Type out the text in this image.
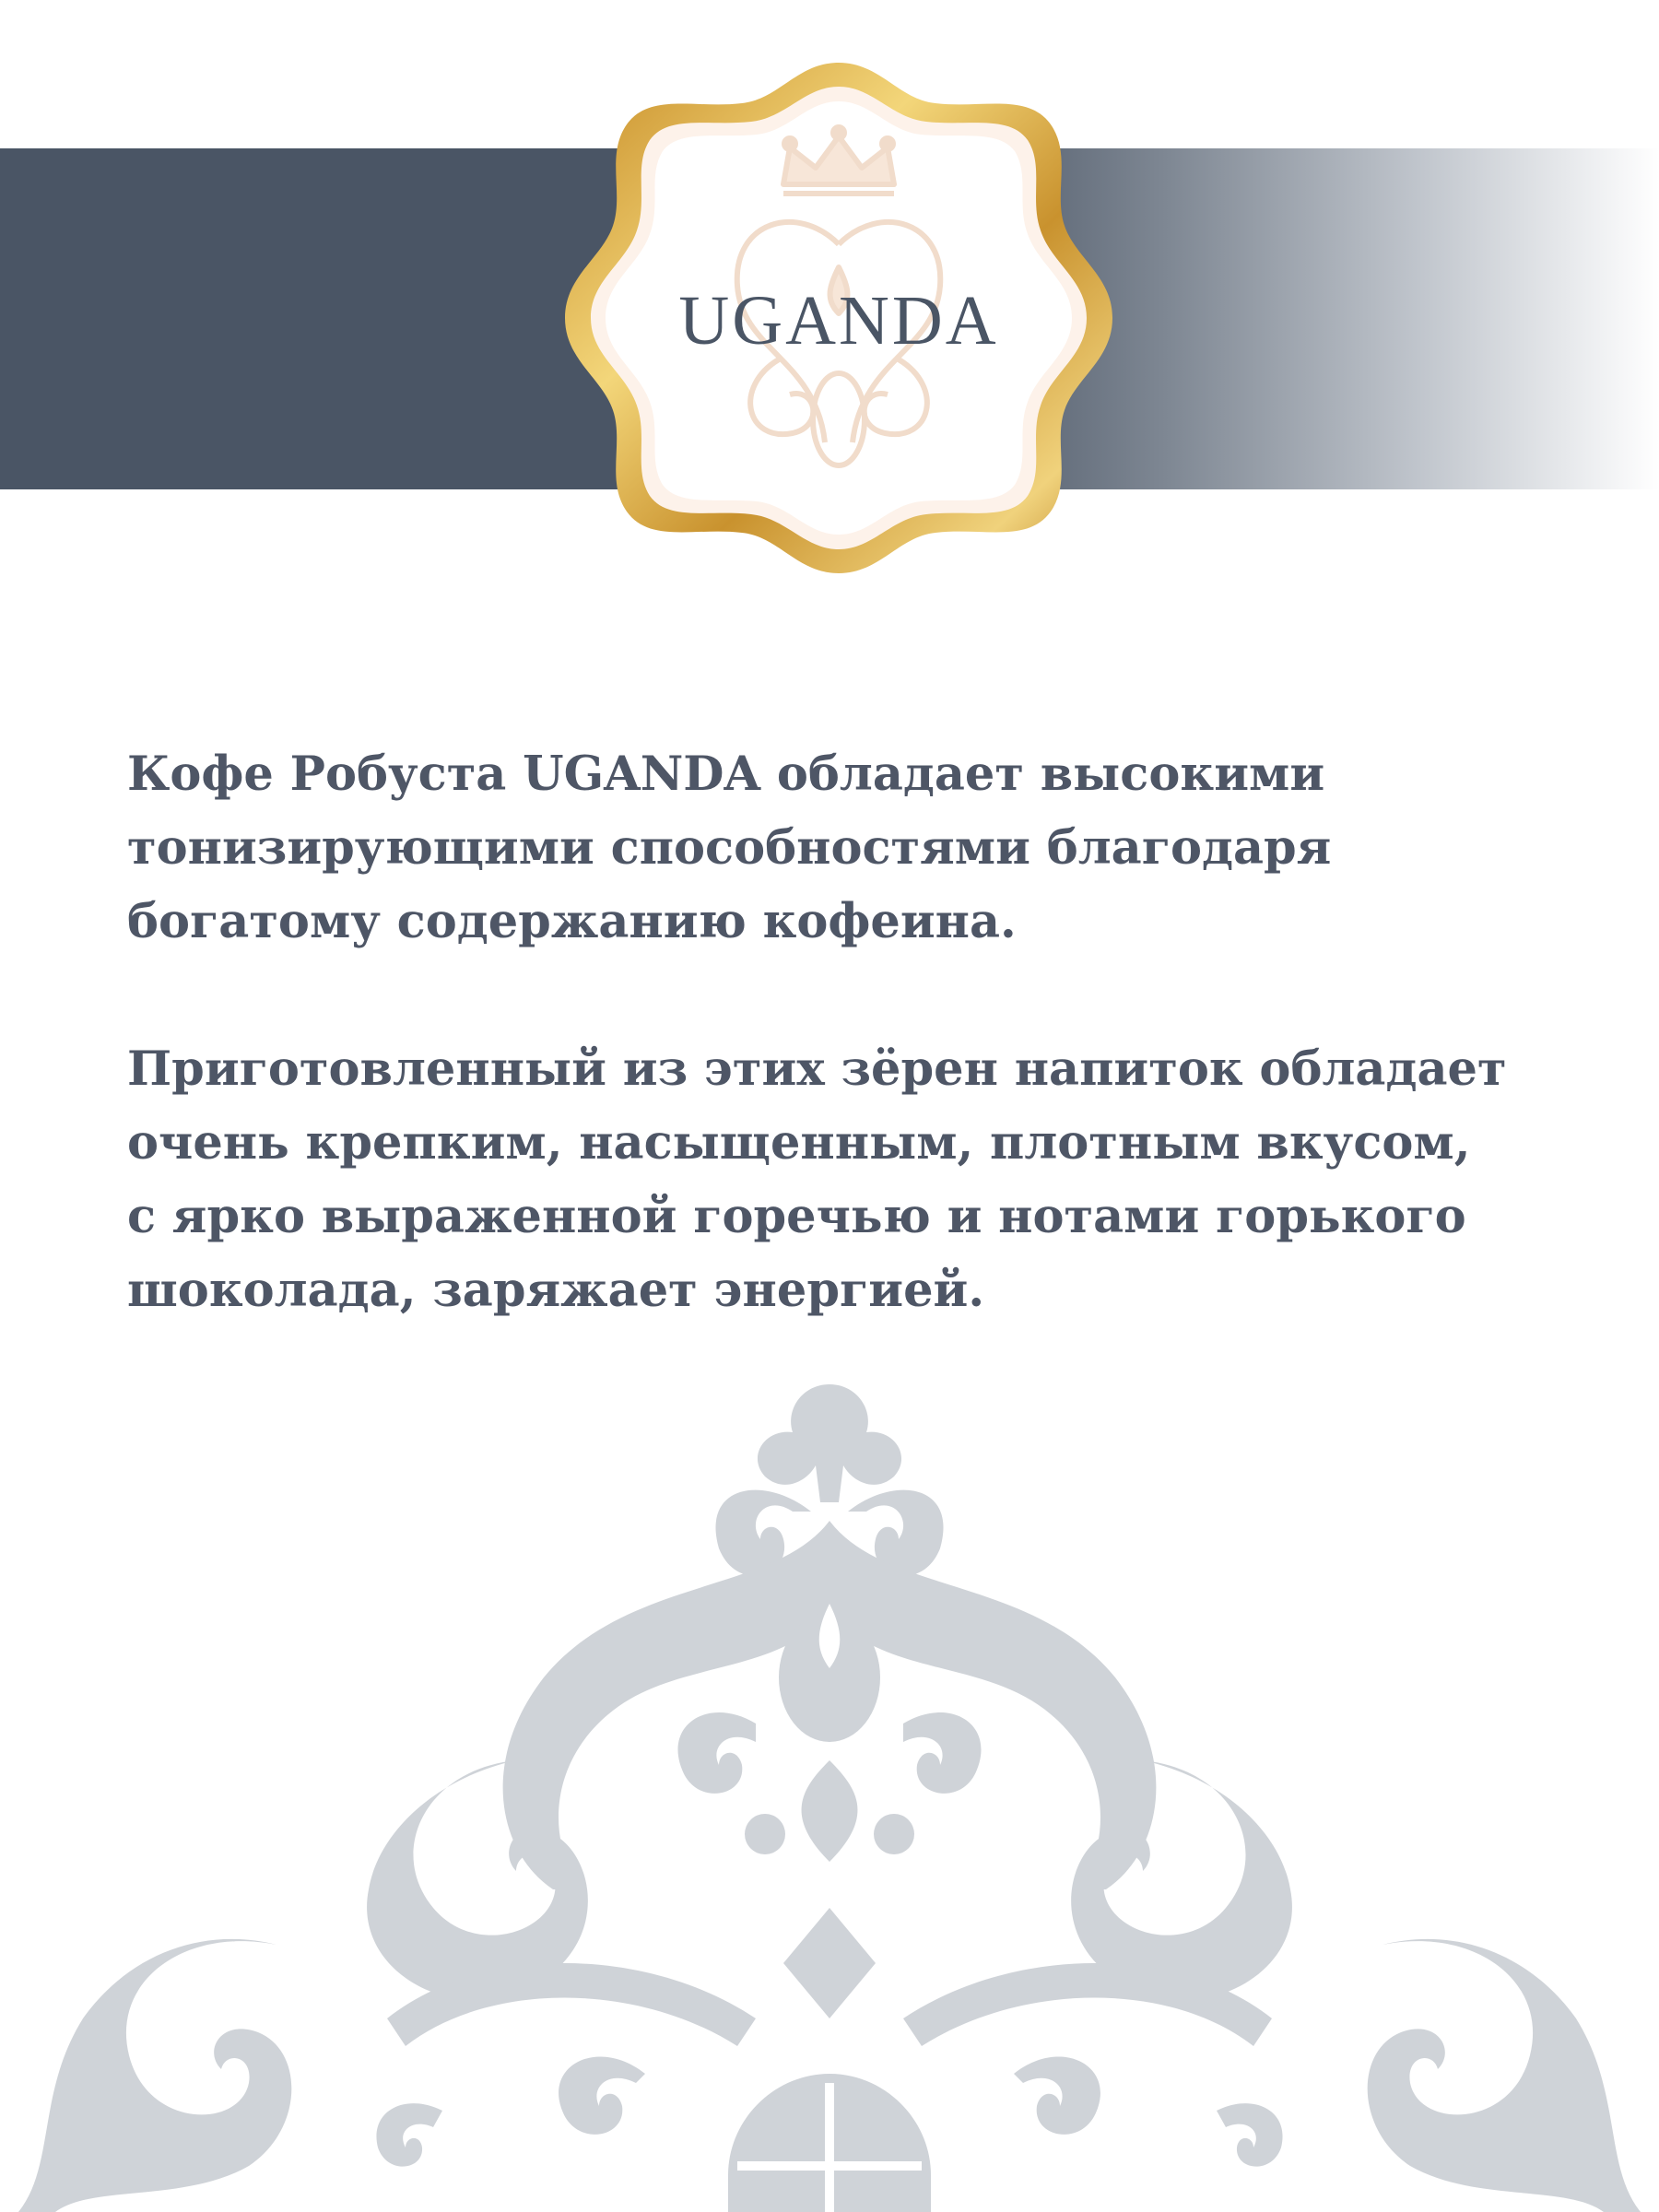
UGANDA

Кофе Робуста UGANDA обладает высокими
тонизирующими способностями благодаря
богатому содержанию кофеина.

Приготовленный из этих зёрен напиток обладает
очень крепким, насыщенным, плотным вкусом,
с ярко выраженной горечью и нотами горького
шоколада, заряжает энергией.
